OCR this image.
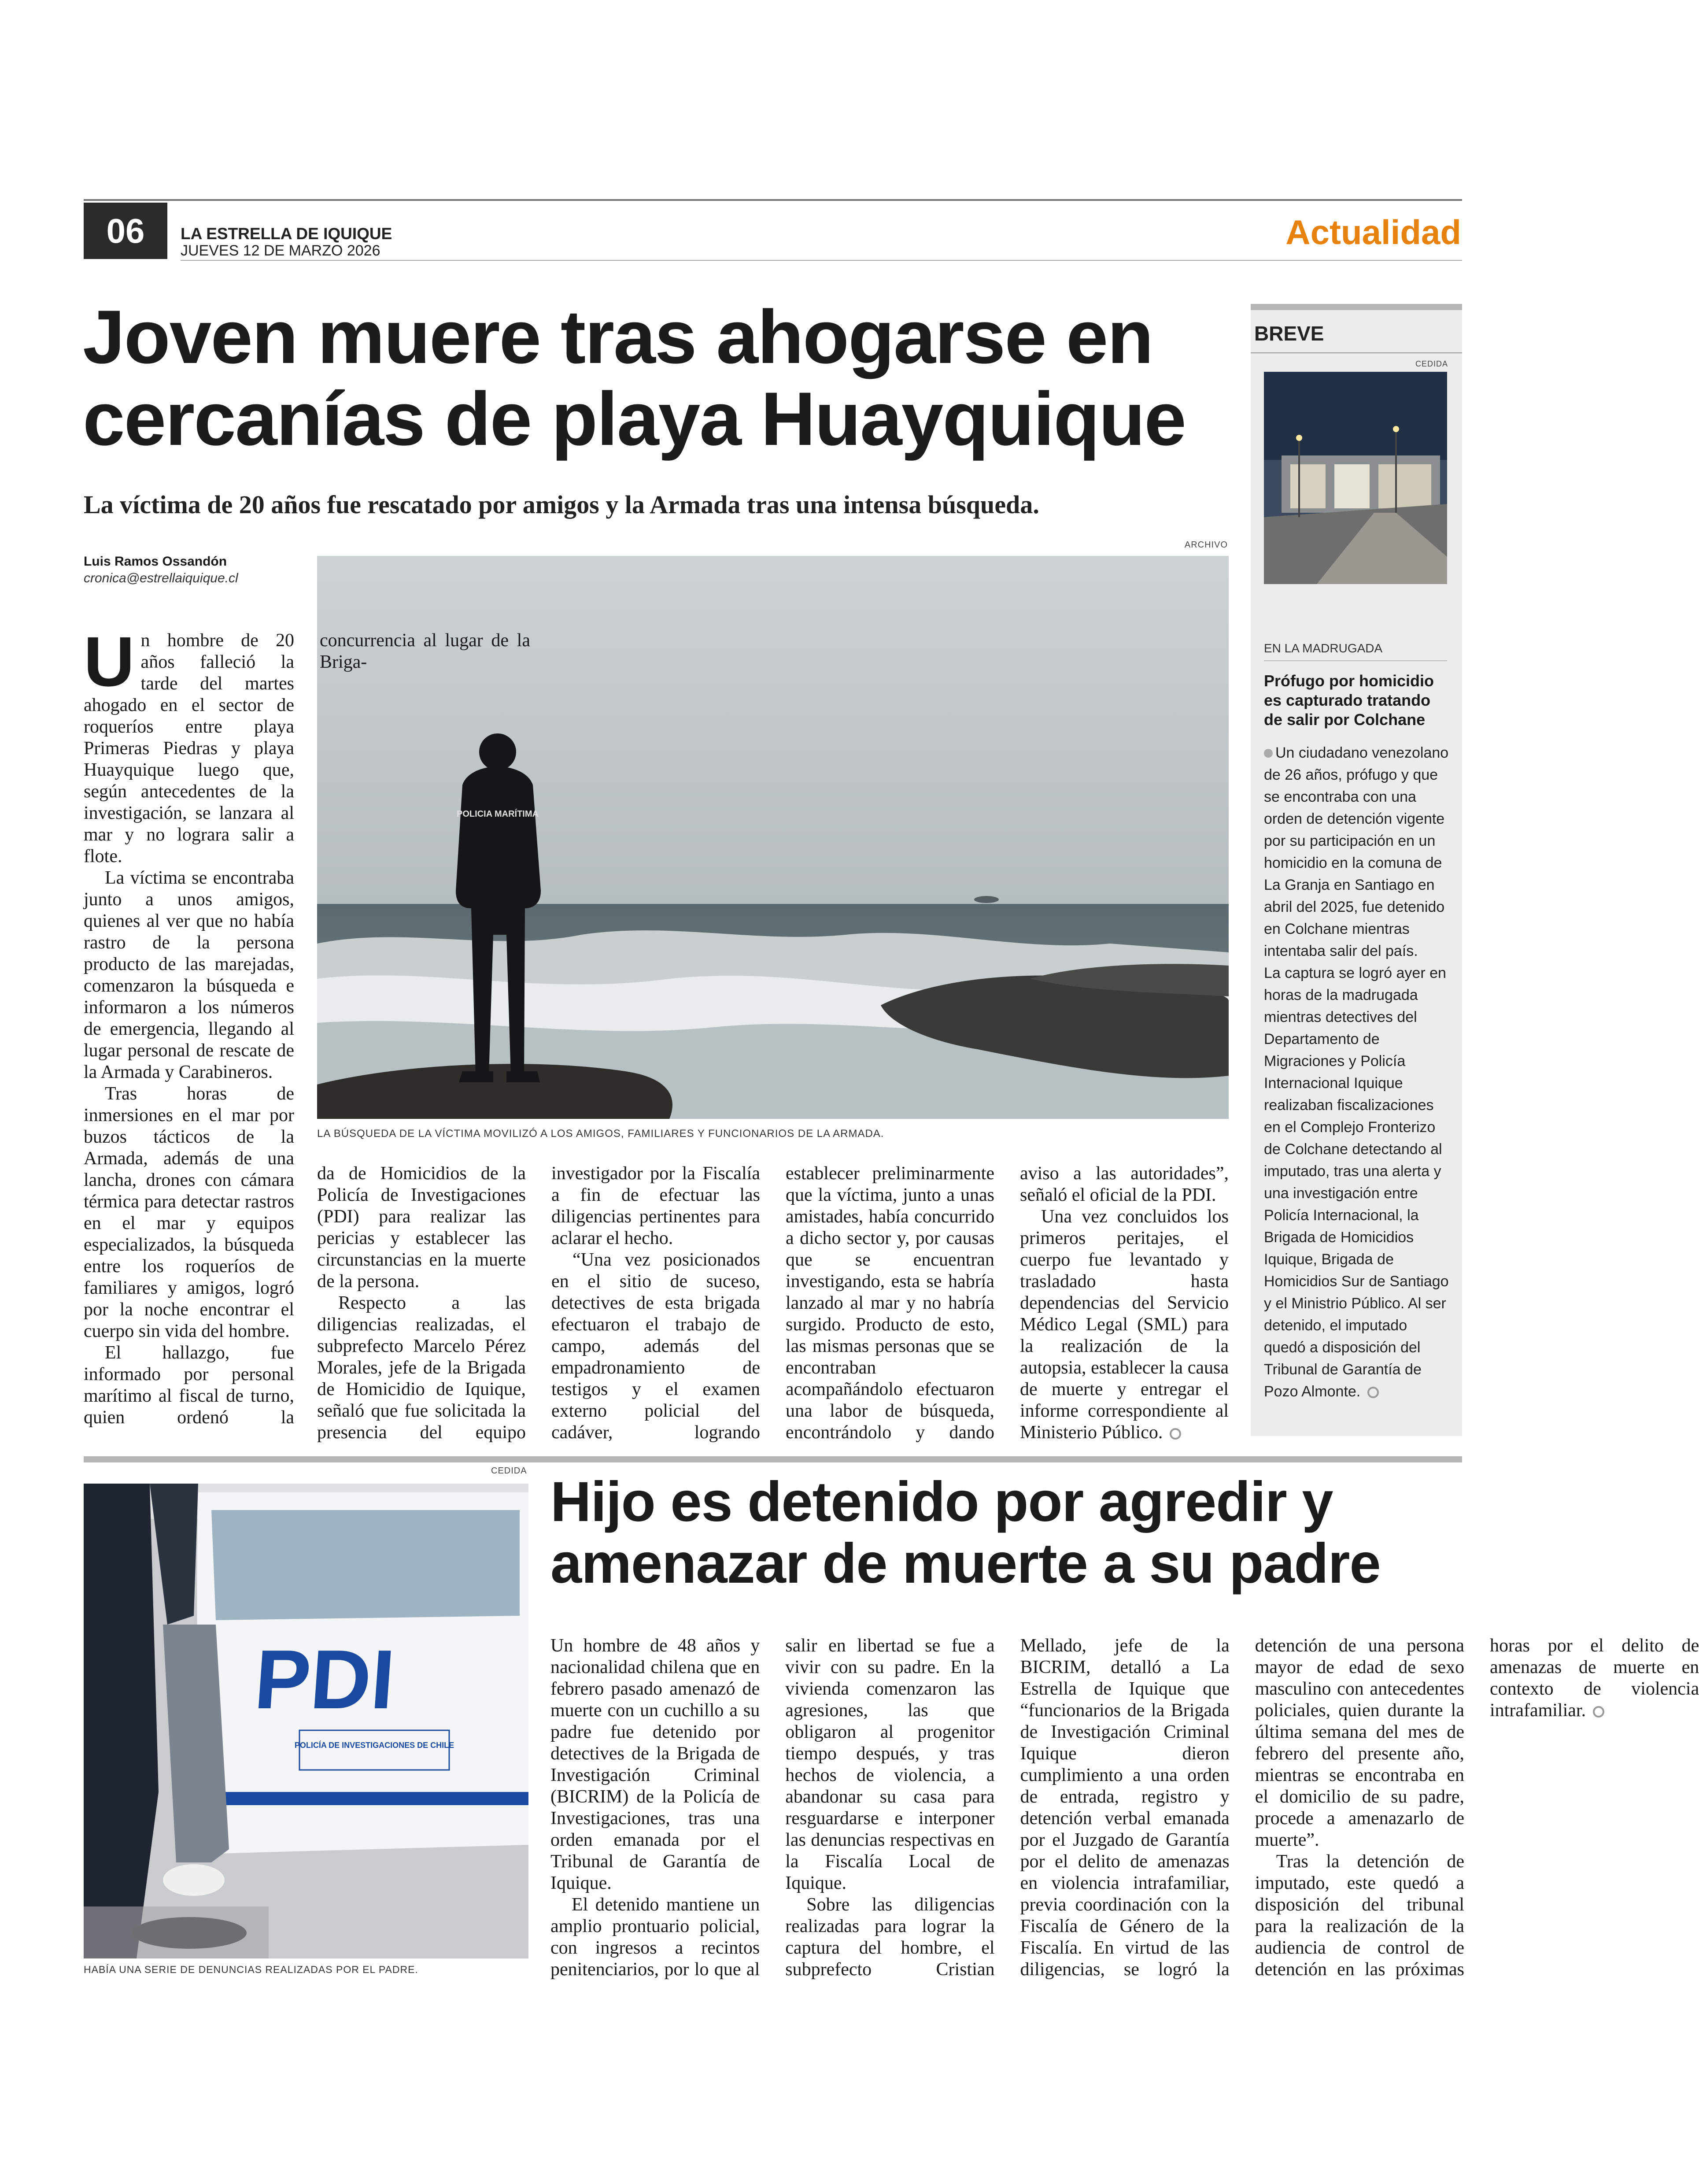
06	LA ESTRELLA DE IQUIQUE
JUEVES 12 DE MARZO 2026	Actualidad
Joven muere tras ahogarse en
cercanías de playa Huayquique
La víctima de 20 años fue rescatado por amigos y la Armada tras una intensa búsqueda.
Luis Ramos Ossandón
cronica@estrellaiquique.cl
ARCHIVO
POLICIA MARÍTIMA
LA BÚSQUEDA DE LA VÍCTIMA MOVILIZÓ A LOS AMIGOS, FAMILIARES Y FUNCIONARIOS DE LA ARMADA.

Un hombre de 20 años falleció la tarde del martes ahogado en el sector de roqueríos entre playa Primeras Piedras y playa Huayquique luego que, según antecedentes de la investigación, se lanzara al mar y no lograra salir a flote.

La víctima se encontraba junto a unos amigos, quienes al ver que no había rastro de la persona producto de las marejadas, comenzaron la búsqueda e informaron a los números de emergencia, llegando al lugar personal de rescate de la Armada y Carabineros.

Tras horas de inmersiones en el mar por buzos tácticos de la Armada, además de una lancha, drones con cámara térmica para detectar rastros en el mar y equipos especializados, la búsqueda entre los roqueríos de familiares y amigos, logró por la noche encontrar el cuerpo sin vida del hombre.

El hallazgo, fue informado por personal marítimo al fiscal de turno, quien ordenó la concurrencia al lugar de la Briga-

da de Homicidios de la Policía de Investigaciones (PDI) para realizar las pericias y establecer las circunstancias en la muerte de la persona.

Respecto a las diligencias realizadas, el subprefecto Marcelo Pérez Morales, jefe de la Brigada de Homicidio de Iquique, señaló que fue solicitada la presencia del equipo investigador por la Fiscalía a fin de efectuar las diligencias pertinentes para aclarar el hecho.

“Una vez posicionados en el sitio de suceso, detectives de esta brigada efectuaron el trabajo de campo, además del empadronamiento de testigos y el examen externo policial del cadáver, logrando establecer preliminarmente que la víctima, junto a unas amistades, había concurrido a dicho sector y, por causas que se encuentran investigando, esta se habría lanzado al mar y no habría surgido. Producto de esto, las mismas personas que se encontraban acompañándolo efectuaron una labor de búsqueda, encontrándolo y dando aviso a las autoridades”, señaló el oficial de la PDI.

Una vez concluidos los primeros peritajes, el cuerpo fue levantado y trasladado hasta dependencias del Servicio Médico Legal (SML) para la realización de la autopsia, establecer la causa de muerte y entregar el informe correspondiente al Ministerio Público.

BREVE
CEDIDA
EN LA MADRUGADA
Prófugo por homicidio es capturado tratando de salir por Colchane

Un ciudadano venezolano de 26 años, prófugo y que se encontraba con una orden de detención vigente por su participación en un homicidio en la comuna de La Granja en Santiago en abril del 2025, fue detenido en Colchane mientras intentaba salir del país.

La captura se logró ayer en horas de la madrugada mientras detectives del Departamento de Migraciones y Policía Internacional Iquique realizaban fiscalizaciones en el Complejo Fronterizo de Colchane detectando al imputado, tras una alerta y una investigación entre Policía Internacional, la Brigada de Homicidios Iquique, Brigada de Homicidios Sur de Santiago y el Ministrio Público. Al ser detenido, el imputado quedó a disposición del Tribunal de Garantía de Pozo Almonte.

CEDIDA
PDI
POLICÍA DE INVESTIGACIONES DE CHILE
HABÍA UNA SERIE DE DENUNCIAS REALIZADAS POR EL PADRE.
Hijo es detenido por agredir y
amenazar de muerte a su padre

Un hombre de 48 años y nacionalidad chilena que en febrero pasado amenazó de muerte con un cuchillo a su padre fue detenido por detectives de la Brigada de Investigación Criminal (BICRIM) de la Policía de Investigaciones, tras una orden emanada por el Tribunal de Garantía de Iquique.

El detenido mantiene un amplio prontuario policial, con ingresos a recintos penitenciarios, por lo que al salir en libertad se fue a vivir con su padre. En la vivienda comenzaron las agresiones, las que obligaron al progenitor tiempo después, y tras hechos de violencia, a abandonar su casa para resguardarse e interponer las denuncias respectivas en la Fiscalía Local de Iquique.

Sobre las diligencias realizadas para lograr la captura del hombre, el subprefecto Cristian Mellado, jefe de la BICRIM, detalló a La Estrella de Iquique que “funcionarios de la Brigada de Investigación Criminal Iquique dieron cumplimiento a una orden de entrada, registro y detención verbal emanada por el Juzgado de Garantía por el delito de amenazas en violencia intrafamiliar, previa coordinación con la Fiscalía de Género de la Fiscalía. En virtud de las diligencias, se logró la detención de una persona mayor de edad de sexo masculino con antecedentes policiales, quien durante la última semana del mes de febrero del presente año, mientras se encontraba en el domicilio de su padre, procede a amenazarlo de muerte”.

Tras la detención de imputado, este quedó a disposición del tribunal para la realización de la audiencia de control de detención en las próximas horas por el delito de amenazas de muerte en contexto de violencia intrafamiliar.
